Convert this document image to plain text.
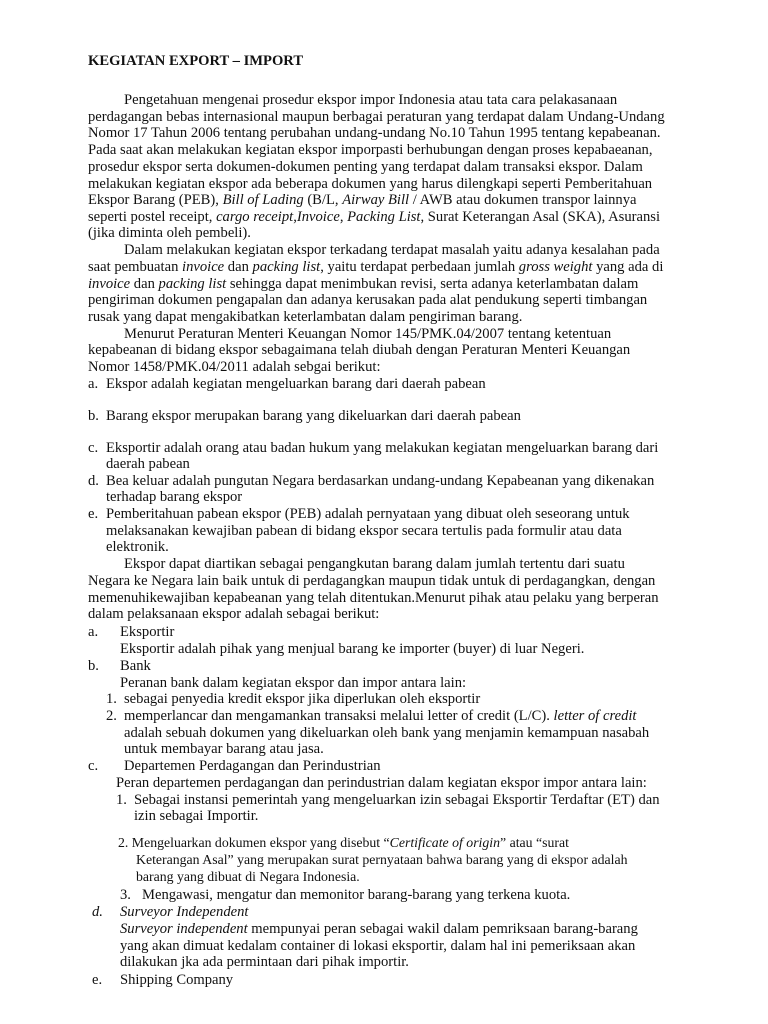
KEGIATAN EXPORT – IMPORT
Pengetahuan mengenai prosedur ekspor impor Indonesia atau tata cara pelakasanaan
perdagangan bebas internasional maupun berbagai peraturan yang terdapat dalam Undang-Undang
Nomor 17 Tahun 2006 tentang perubahan undang-undang No.10 Tahun 1995 tentang kepabeanan.
Pada saat akan melakukan kegiatan ekspor imporpasti berhubungan dengan proses kepabaeanan,
prosedur ekspor serta dokumen-dokumen penting yang terdapat dalam transaksi ekspor. Dalam
melakukan kegiatan ekspor ada beberapa dokumen yang harus dilengkapi seperti Pemberitahuan
Ekspor Barang (PEB), Bill of Lading (B/L, Airway Bill / AWB atau dokumen transpor lainnya
seperti postel receipt, cargo receipt,Invoice, Packing List, Surat Keterangan Asal (SKA), Asuransi
(jika diminta oleh pembeli).
Dalam melakukan kegiatan ekspor terkadang terdapat masalah yaitu adanya kesalahan pada
saat pembuatan invoice dan packing list, yaitu terdapat perbedaan jumlah gross weight yang ada di
invoice dan packing list sehingga dapat menimbukan revisi, serta adanya keterlambatan dalam
pengiriman dokumen pengapalan dan adanya kerusakan pada alat pendukung seperti timbangan
rusak yang dapat mengakibatkan keterlambatan dalam pengiriman barang.
Menurut Peraturan Menteri Keuangan Nomor 145/PMK.04/2007 tentang ketentuan
kepabeanan di bidang ekspor sebagaimana telah diubah dengan Peraturan Menteri Keuangan
Nomor 1458/PMK.04/2011 adalah sebgai berikut:
a. Ekspor adalah kegiatan mengeluarkan barang dari daerah pabean
b. Barang ekspor merupakan barang yang dikeluarkan dari daerah pabean
c. Eksportir adalah orang atau badan hukum yang melakukan kegiatan mengeluarkan barang dari
daerah pabean
d. Bea keluar adalah pungutan Negara berdasarkan undang-undang Kepabeanan yang dikenakan
terhadap barang ekspor
e. Pemberitahuan pabean ekspor (PEB) adalah pernyataan yang dibuat oleh seseorang untuk
melaksanakan kewajiban pabean di bidang ekspor secara tertulis pada formulir atau data
elektronik.
Ekspor dapat diartikan sebagai pengangkutan barang dalam jumlah tertentu dari suatu
Negara ke Negara lain baik untuk di perdagangkan maupun tidak untuk di perdagangkan, dengan
memenuhikewajiban kepabeanan yang telah ditentukan.Menurut pihak atau pelaku yang berperan
dalam pelaksanaan ekspor adalah sebagai berikut:
a. Eksportir
Eksportir adalah pihak yang menjual barang ke importer (buyer) di luar Negeri.
b. Bank
Peranan bank dalam kegiatan ekspor dan impor antara lain:
1. sebagai penyedia kredit ekspor jika diperlukan oleh eksportir
2. memperlancar dan mengamankan transaksi melalui letter of credit (L/C). letter of credit
adalah sebuah dokumen yang dikeluarkan oleh bank yang menjamin kemampuan nasabah
untuk membayar barang atau jasa.
c. Departemen Perdagangan dan Perindustrian
Peran departemen perdagangan dan perindustrian dalam kegiatan ekspor impor antara lain:
1. Sebagai instansi pemerintah yang mengeluarkan izin sebagai Eksportir Terdaftar (ET) dan
izin sebagai Importir.
2. Mengeluarkan dokumen ekspor yang disebut “Certificate of origin” atau “surat
Keterangan Asal” yang merupakan surat pernyataan bahwa barang yang di ekspor adalah
barang yang dibuat di Negara Indonesia.
3. Mengawasi, mengatur dan memonitor barang-barang yang terkena kuota.
d. Surveyor Independent
Surveyor independent mempunyai peran sebagai wakil dalam pemriksaan barang-barang
yang akan dimuat kedalam container di lokasi eksportir, dalam hal ini pemeriksaan akan
dilakukan jka ada permintaan dari pihak importir.
e. Shipping Company
